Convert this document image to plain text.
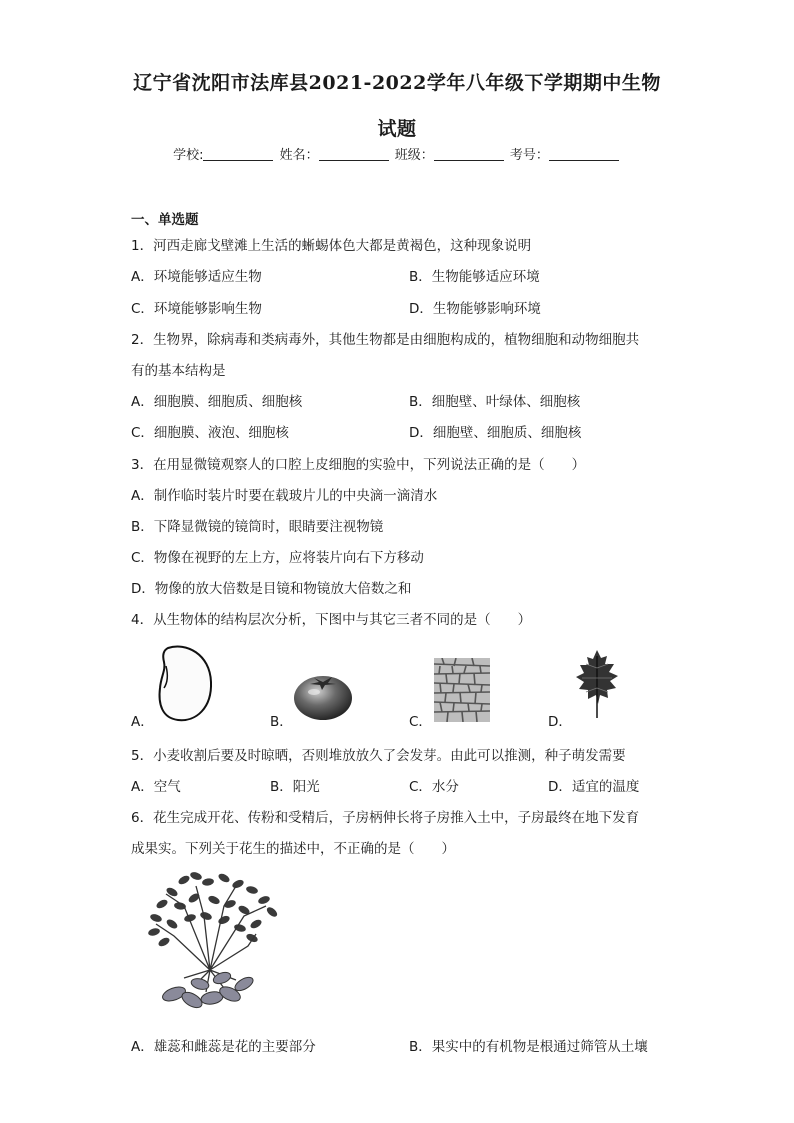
辽宁省沈阳市法库县2021-2022学年八年级下学期期中生物
试题
学校:	姓名：	班级：	考号：
一、单选题
1．河西走廊戈壁滩上生活的蜥蜴体色大都是黄褐色，这种现象说明
A．环境能够适应生物	B．生物能够适应环境
C．环境能够影响生物	D．生物能够影响环境
2．生物界，除病毒和类病毒外，其他生物都是由细胞构成的，植物细胞和动物细胞共
有的基本结构是
A．细胞膜、细胞质、细胞核	B．细胞壁、叶绿体、细胞核
C．细胞膜、液泡、细胞核	D．细胞壁、细胞质、细胞核
3．在用显微镜观察人的口腔上皮细胞的实验中，下列说法正确的是（　　）
A．制作临时装片时要在载玻片儿的中央滴一滴清水
B．下降显微镜的镜筒时，眼睛要注视物镜
C．物像在视野的左上方，应将装片向右下方移动
D．物像的放大倍数是目镜和物镜放大倍数之和
4．从生物体的结构层次分析，下图中与其它三者不同的是（　　）
A．	B．	C．	D．
5．小麦收割后要及时晾晒，否则堆放放久了会发芽。由此可以推测，种子萌发需要
A．空气	B．阳光	C．水分	D．适宜的温度
6．花生完成开花、传粉和受精后，子房柄伸长将子房推入土中，子房最终在地下发育
成果实。下列关于花生的描述中，不正确的是（　　）
A．雄蕊和雌蕊是花的主要部分	B．果实中的有机物是根通过筛管从土壤
